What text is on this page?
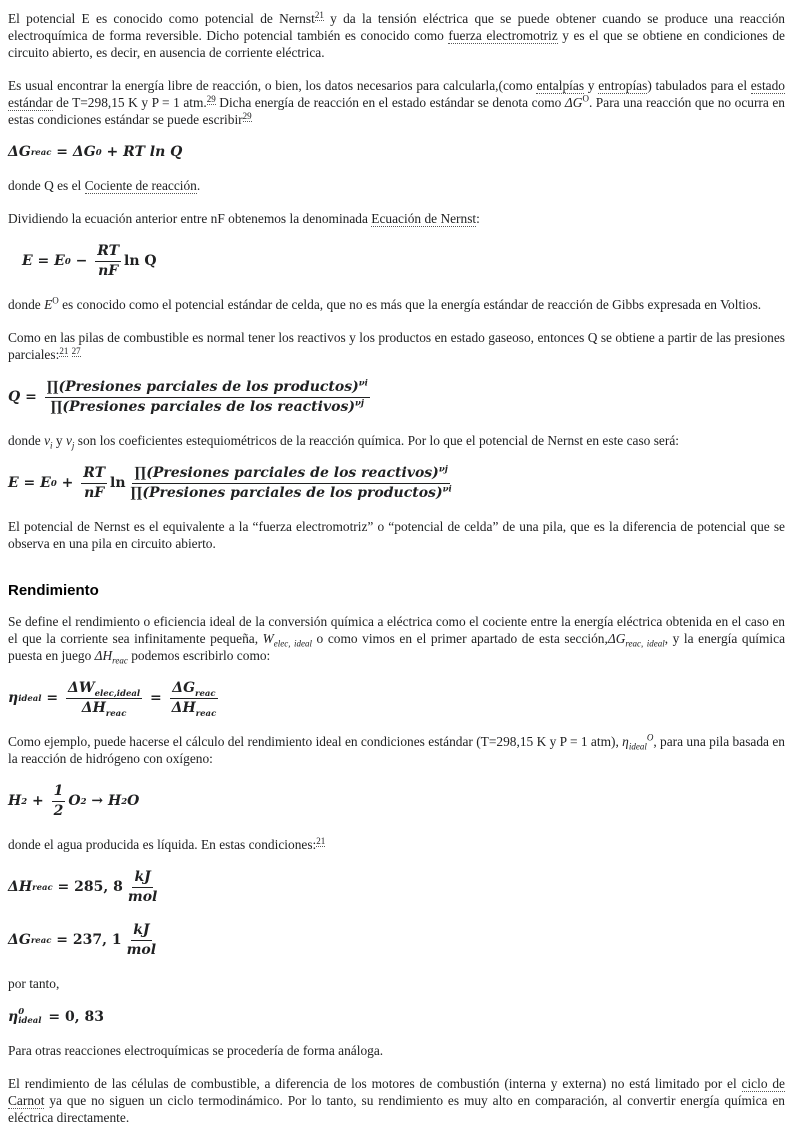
El potencial E es conocido como potencial de Nernst$^{21}$ y da la tensión eléctrica que se puede obtener cuando se produce una reacción electroquímica de forma reversible. Dicho potencial también es conocido como fuerza electromotriz y es el que se obtiene en condiciones de circuito abierto, es decir, en ausencia de corriente eléctrica.

Es usual encontrar la energía libre de reacción, o bien, los datos necesarios para calcularla,(como entalpías y entropías) tabulados para el estado estándar de T=298,15 K y P = 1 atm.$^{29}$ Dicha energía de reacción en el estado estándar se denota como $\Delta G^O$. Para una reacción que no ocurra en estas condiciones estándar se puede escribir$^{29}$

ΔG reac = ΔG 0 + RT ln Q

donde Q es el Cociente de reacción.

Dividiendo la ecuación anterior entre nF obtenemos la denominada Ecuación de Nernst:

E = E $0 - \frac{RT}{nF}$ ln Q

donde $E^O$ es conocido como el potencial estándar de celda, que no es más que la energía estándar de reacción de Gibbs expresada en Voltios.

Como en las pilas de combustible es normal tener los reactivos y los productos en estado gaseoso, entonces Q se obtiene a partir de las presiones parciales:$^{21}$ $^{27}$

$Q = \frac{\prod(Presiones parciales de los productos)^{\nu i}}{\prod(Presiones parciales de los reactivos)^{\nu j}}$

donde $v_i$ y $v_j$ son los coeficientes estequiométricos de la reacción química. Por lo que el potencial de Nernst en este caso será:

E = E $0 + \frac{RT}{nF}$ $\ln \frac{\prod(Presiones parciales de los reactivos)^{\nu j}}{\prod(Presiones parciales de los productos)^{\nu i}}$

El potencial de Nernst es el equivalente a la “fuerza electromotriz” o “potencial de celda” de una pila, que es la diferencia de potencial que se observa en una pila en circuito abierto.

Rendimiento

Se define el rendimiento o eficiencia ideal de la conversión química a eléctrica como el cociente entre la energía eléctrica obtenida en el caso en el que la corriente sea infinitamente pequeña, $W_{elec, ideal}$ o como vimos en el primer apartado de esta $sección,\Delta G_{reac, ideal}$, y la energía química puesta en juego $\Delta H_{reac}$ podemos escribirlo como:

η ideal = $\frac{\Delta W_{elec,ideal}}{\Delta H_{reac}} = \frac{\Delta G_{reac}}{\Delta H_{reac}}$

Como ejemplo, puede hacerse el cálculo del rendimiento ideal en condiciones estándar (T=298,15 K y P = 1 atm), $\eta_{ideal}^O$, para una pila basada en la reacción de hidrógeno con oxígeno:

H $2 + \frac{1}{2}$ O 2 → H 2 O

donde el agua producida es líquida. En estas condiciones:$^{21}$

ΔH reac = 285, $8 \frac{kJ}{\text{mol}}$
ΔG reac = 237, $1 \frac{kJ}{\text{mol}}$

por tanto,

η 0
ideal = 0, 83

Para otras reacciones electroquímicas se procedería de forma análoga.

El rendimiento de las células de combustible, a diferencia de los motores de combustión (interna y externa) no está limitado por el ciclo de Carnot ya que no siguen un ciclo termodinámico. Por lo tanto, su rendimiento es muy alto en comparación, al convertir energía química en eléctrica directamente.
